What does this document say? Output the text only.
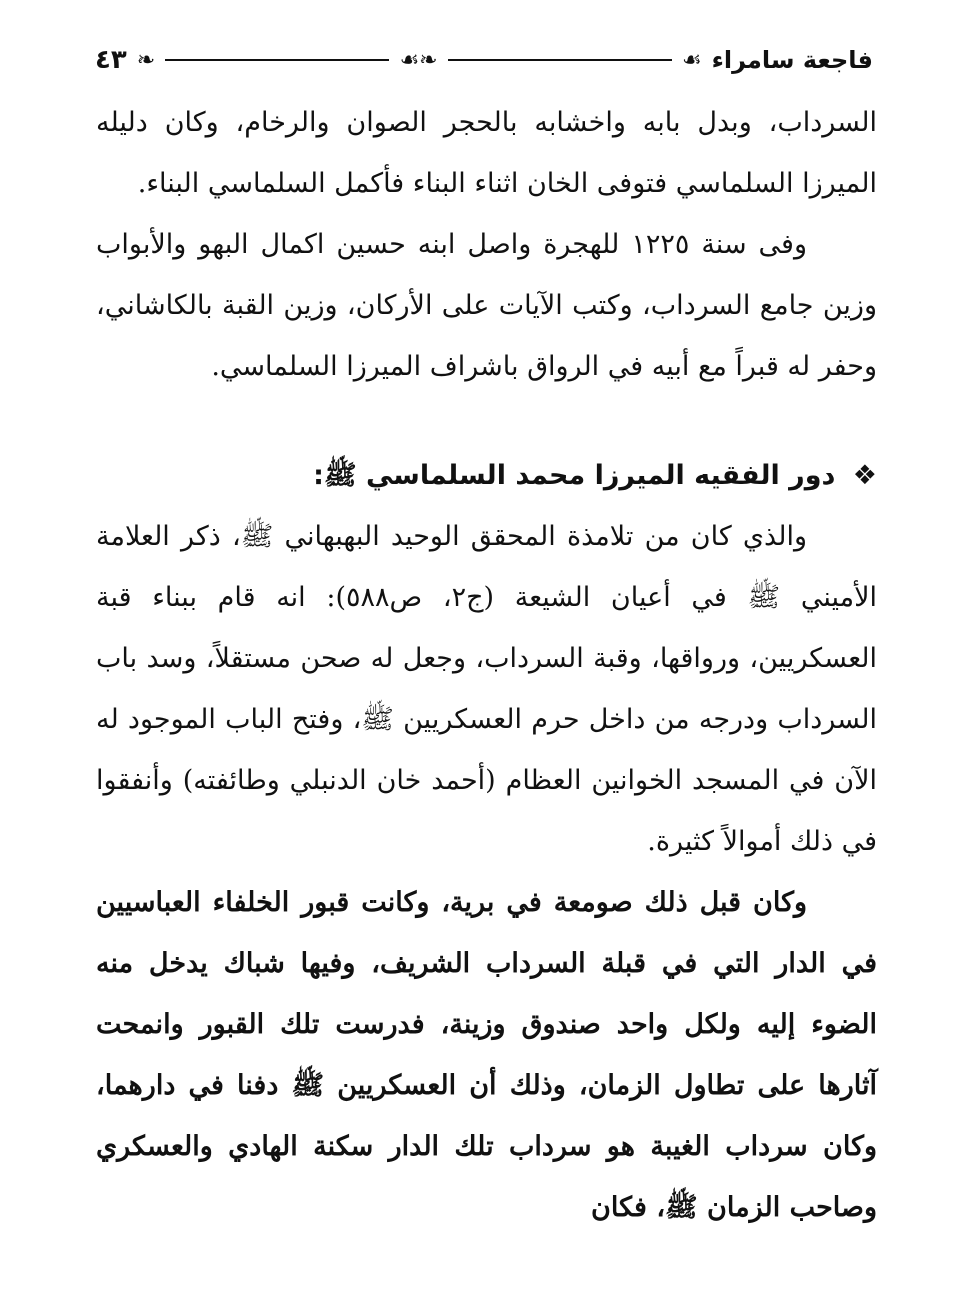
فاجعة سامراء
☙
❧☙
❧
٤٣

السرداب، وبدل بابه واخشابه بالحجر الصوان والرخام، وكان دليله الميرزا السلماسي فتوفى الخان اثناء البناء فأكمل السلماسي البناء.

وفى سنة ١٢٢٥ للهجرة واصل ابنه حسين اكمال البهو والأبواب وزين جامع السرداب، وكتب الآيات على الأركان، وزين القبة بالكاشاني، وحفر له قبراً مع أبيه في الرواق باشراف الميرزا السلماسي.

❖ دور الفقيه الميرزا محمد السلماسي ﷺ:

والذي كان من تلامذة المحقق الوحيد البهبهاني ﷺ، ذكر العلامة الأميني ﷺ في أعيان الشيعة (ج٢، ص٥٨٨): انه قام ببناء قبة العسكريين، ورواقها، وقبة السرداب، وجعل له صحن مستقلاً، وسد باب السرداب ودرجه من داخل حرم العسكريين ﷺ، وفتح الباب الموجود له الآن في المسجد الخوانين العظام (أحمد خان الدنبلي وطائفته) وأنفقوا في ذلك أموالاً كثيرة.

وكان قبل ذلك صومعة في برية، وكانت قبور الخلفاء العباسيين في الدار التي في قبلة السرداب الشريف، وفيها شباك يدخل منه الضوء إليه ولكل واحد صندوق وزينة، فدرست تلك القبور وانمحت آثارها على تطاول الزمان، وذلك أن العسكريين ﷺ دفنا في دارهما، وكان سرداب الغيبة هو سرداب تلك الدار سكنة الهادي والعسكري وصاحب الزمان ﷺ، فكان
